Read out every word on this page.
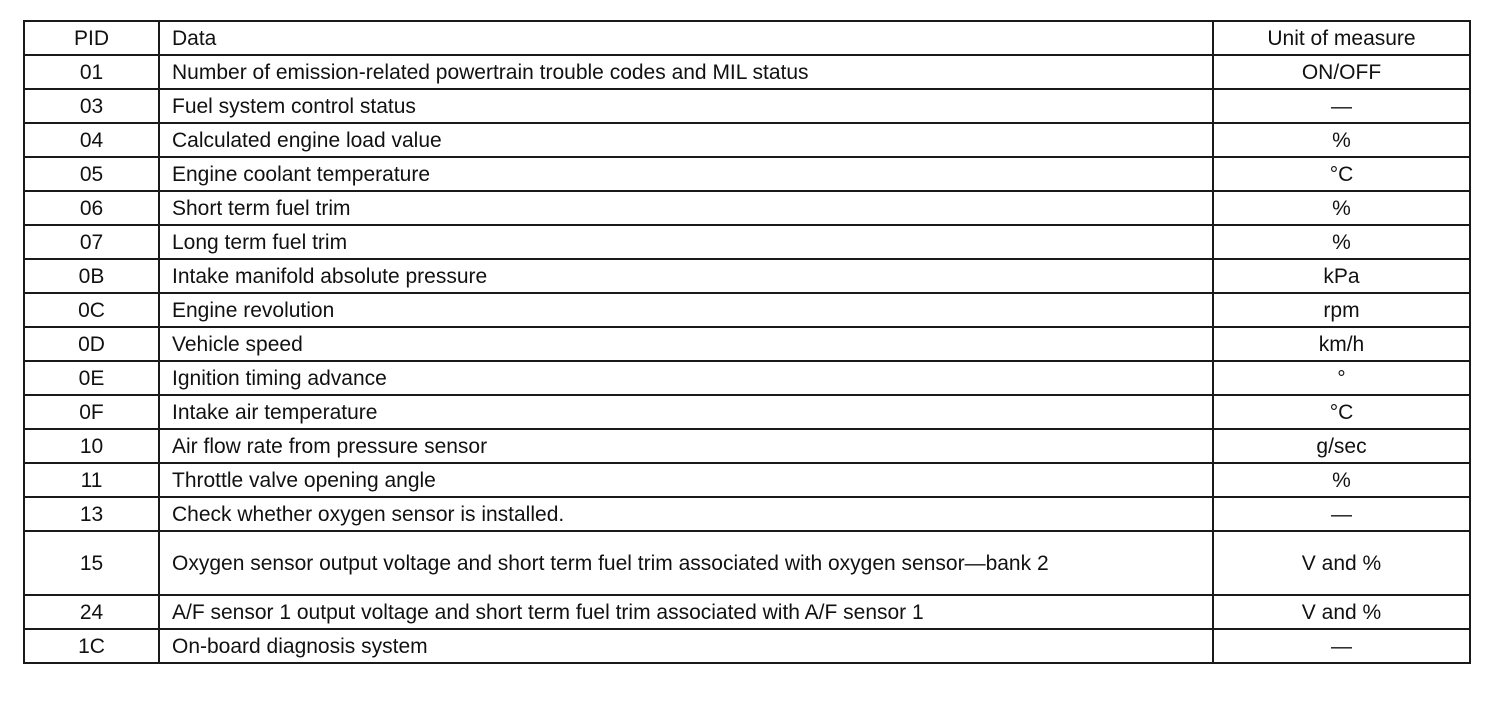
PID	Data	Unit of measure
01	Number of emission-related powertrain trouble codes and MIL status	ON/OFF
03	Fuel system control status	—
04	Calculated engine load value	%
05	Engine coolant temperature	°C
06	Short term fuel trim	%
07	Long term fuel trim	%
0B	Intake manifold absolute pressure	kPa
0C	Engine revolution	rpm
0D	Vehicle speed	km/h
0E	Ignition timing advance	°
0F	Intake air temperature	°C
10	Air flow rate from pressure sensor	g/sec
11	Throttle valve opening angle	%
13	Check whether oxygen sensor is installed.	—
15	Oxygen sensor output voltage and short term fuel trim associated with oxygen sensor—bank 2	V and %
24	A/F sensor 1 output voltage and short term fuel trim associated with A/F sensor 1	V and %
1C	On-board diagnosis system	—
